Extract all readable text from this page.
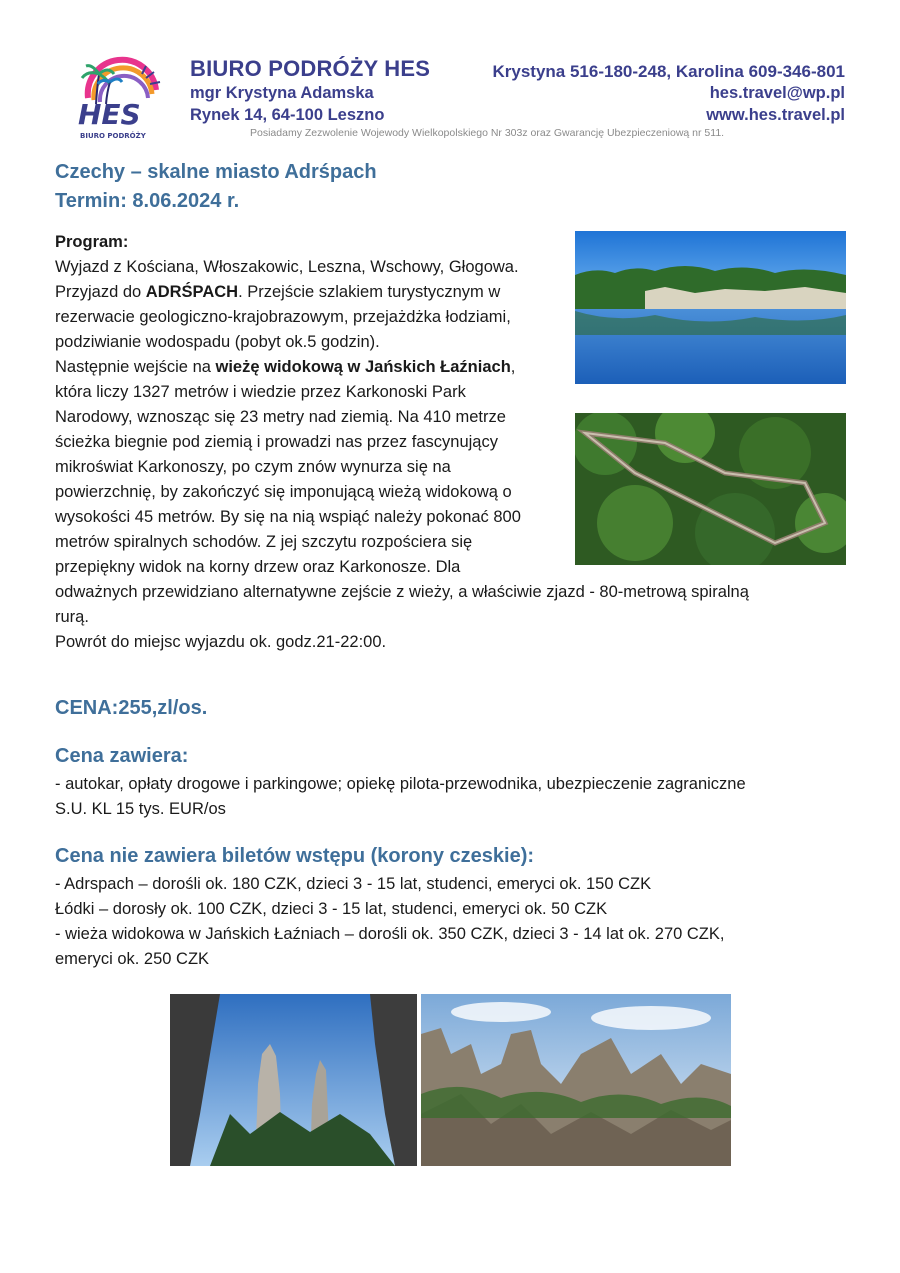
HES
BIURO PODRÓŻY
BIURO PODRÓŻY HES
mgr Krystyna Adamska
Rynek 14, 64-100 Leszno
Krystyna 516-180-248, Karolina 609-346-801
hes.travel@wp.pl
www.hes.travel.pl
Posiadamy Zezwolenie Wojewody Wielkopolskiego Nr 303z oraz Gwarancję Ubezpieczeniową nr 511.
Czechy – skalne miasto Adrśpach
Termin: 8.06.2024 r.
Program:
Wyjazd z Kościana, Włoszakowic, Leszna, Wschowy, Głogowa.
Przyjazd do ADRŚPACH. Przejście szlakiem turystycznym w
rezerwacie geologiczno-krajobrazowym, przejażdżka łodziami,
podziwianie wodospadu (pobyt ok.5 godzin).
Następnie wejście na wieżę widokową w Jańskich Łaźniach,
która liczy 1327 metrów i wiedzie przez Karkonoski Park
Narodowy, wznosząc się 23 metry nad ziemią. Na 410 metrze
ścieżka biegnie pod ziemią i prowadzi nas przez fascynujący
mikroświat Karkonoszy, po czym znów wynurza się na
powierzchnię, by zakończyć się imponującą wieżą widokową o
wysokości 45 metrów. By się na nią wspiąć należy pokonać 800
metrów spiralnych schodów. Z jej szczytu rozpościera się
przepiękny widok na korny drzew oraz Karkonosze. Dla
odważnych przewidziano alternatywne zejście z wieży, a właściwie zjazd - 80-metrową spiralną
rurą.
Powrót do miejsc wyjazdu ok. godz.21-22:00.
CENA:255,zl/os.
Cena zawiera:
- autokar, opłaty drogowe i parkingowe; opiekę pilota-przewodnika, ubezpieczenie zagraniczne
S.U. KL 15 tys. EUR/os
Cena nie zawiera biletów wstępu (korony czeskie):
- Adrspach – dorośli ok. 180 CZK, dzieci 3 - 15 lat, studenci, emeryci ok. 150 CZK
Łódki – dorosły ok. 100 CZK, dzieci 3 - 15 lat, studenci, emeryci ok. 50 CZK
- wieża widokowa w Jańskich Łaźniach – dorośli ok. 350 CZK, dzieci 3 - 14 lat ok. 270 CZK,
emeryci ok. 250 CZK
